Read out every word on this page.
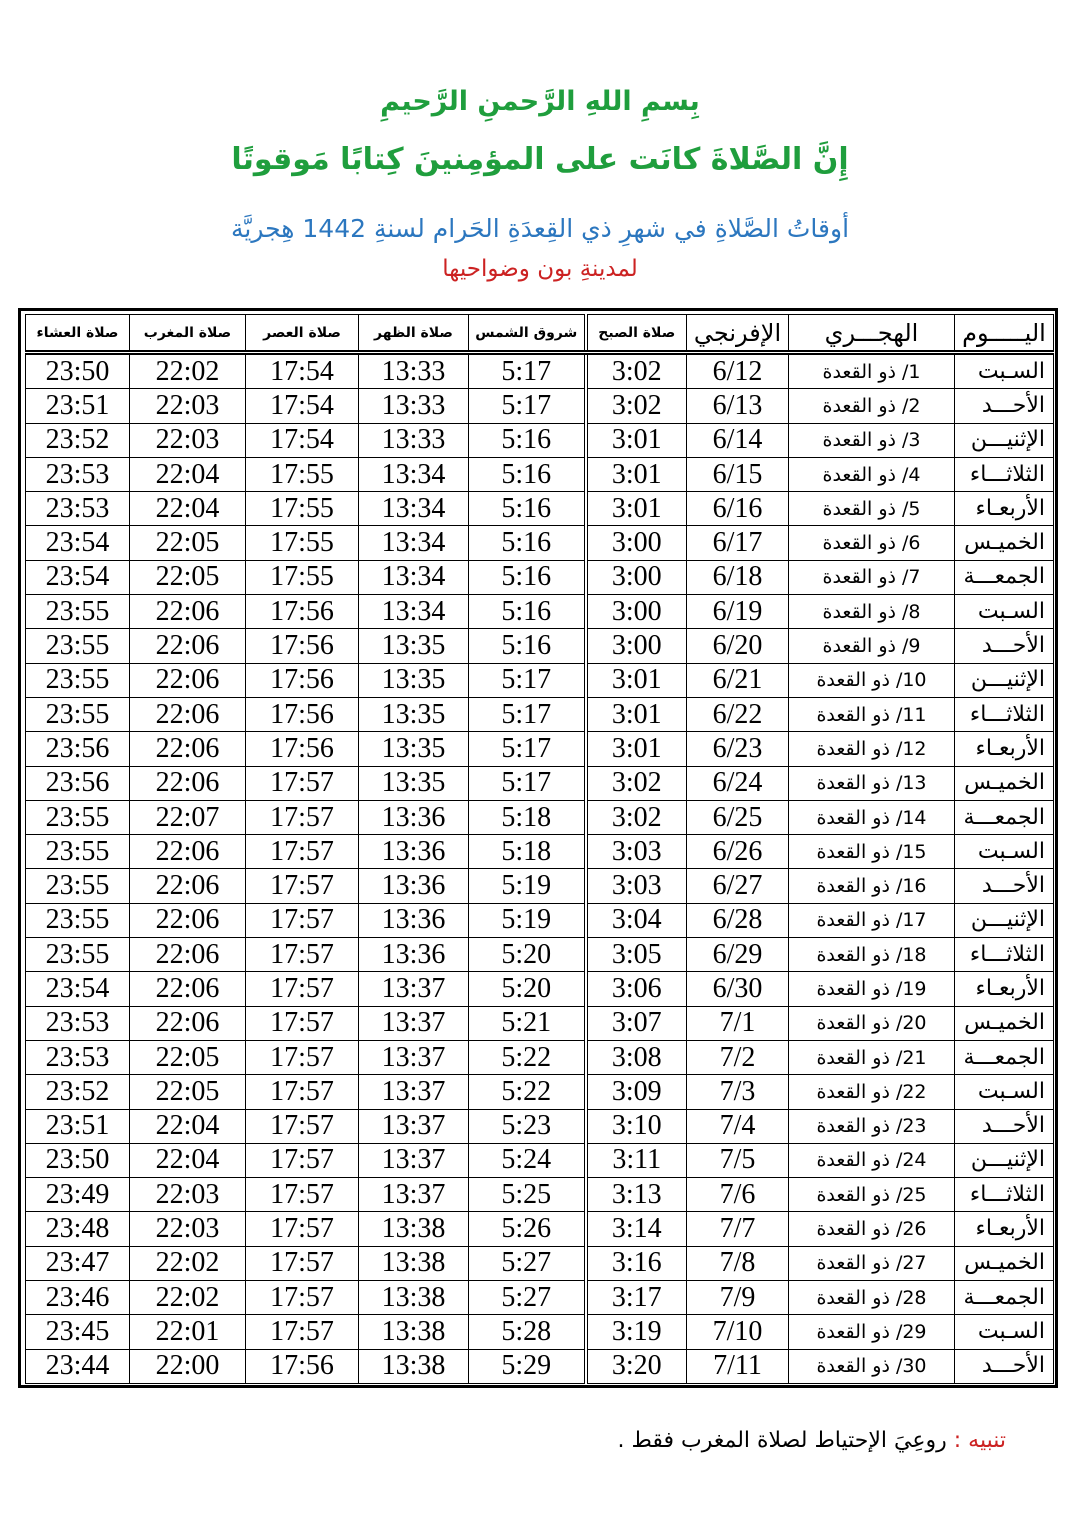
بِسمِ اللهِ الرَّحمنِ الرَّحيمِ
إِنَّ الصَّلاةَ كانَت على المؤمِنينَ كِتابًا مَوقوتًا
أوقاتُ الصَّلاةِ في شهرِ ذي القِعدَةِ الحَرام لسنةِ 1442 هِجريَّة
لمدينةِ بون وضواحيها
صلاة العشاء	صلاة المغرب	صلاة العصر	صلاة الظهر	شروق الشمس	صلاة الصبح	الإفرنجي	الهجـــري	اليـــــوم
23:50	22:02	17:54	13:33	5:17	3:02	6/12	1/ ذو القعدة	السـبت
23:51	22:03	17:54	13:33	5:17	3:02	6/13	2/ ذو القعدة	الأحـــد
23:52	22:03	17:54	13:33	5:16	3:01	6/14	3/ ذو القعدة	الإثنيـــن
23:53	22:04	17:55	13:34	5:16	3:01	6/15	4/ ذو القعدة	الثلاثـــاء
23:53	22:04	17:55	13:34	5:16	3:01	6/16	5/ ذو القعدة	الأربعـاء
23:54	22:05	17:55	13:34	5:16	3:00	6/17	6/ ذو القعدة	الخميـس
23:54	22:05	17:55	13:34	5:16	3:00	6/18	7/ ذو القعدة	الجمعـــة
23:55	22:06	17:56	13:34	5:16	3:00	6/19	8/ ذو القعدة	السـبت
23:55	22:06	17:56	13:35	5:16	3:00	6/20	9/ ذو القعدة	الأحـــد
23:55	22:06	17:56	13:35	5:17	3:01	6/21	10/ ذو القعدة	الإثنيـــن
23:55	22:06	17:56	13:35	5:17	3:01	6/22	11/ ذو القعدة	الثلاثـــاء
23:56	22:06	17:56	13:35	5:17	3:01	6/23	12/ ذو القعدة	الأربعـاء
23:56	22:06	17:57	13:35	5:17	3:02	6/24	13/ ذو القعدة	الخميـس
23:55	22:07	17:57	13:36	5:18	3:02	6/25	14/ ذو القعدة	الجمعـــة
23:55	22:06	17:57	13:36	5:18	3:03	6/26	15/ ذو القعدة	السـبت
23:55	22:06	17:57	13:36	5:19	3:03	6/27	16/ ذو القعدة	الأحـــد
23:55	22:06	17:57	13:36	5:19	3:04	6/28	17/ ذو القعدة	الإثنيـــن
23:55	22:06	17:57	13:36	5:20	3:05	6/29	18/ ذو القعدة	الثلاثـــاء
23:54	22:06	17:57	13:37	5:20	3:06	6/30	19/ ذو القعدة	الأربعـاء
23:53	22:06	17:57	13:37	5:21	3:07	7/1	20/ ذو القعدة	الخميـس
23:53	22:05	17:57	13:37	5:22	3:08	7/2	21/ ذو القعدة	الجمعـــة
23:52	22:05	17:57	13:37	5:22	3:09	7/3	22/ ذو القعدة	السـبت
23:51	22:04	17:57	13:37	5:23	3:10	7/4	23/ ذو القعدة	الأحـــد
23:50	22:04	17:57	13:37	5:24	3:11	7/5	24/ ذو القعدة	الإثنيـــن
23:49	22:03	17:57	13:37	5:25	3:13	7/6	25/ ذو القعدة	الثلاثـــاء
23:48	22:03	17:57	13:38	5:26	3:14	7/7	26/ ذو القعدة	الأربعـاء
23:47	22:02	17:57	13:38	5:27	3:16	7/8	27/ ذو القعدة	الخميـس
23:46	22:02	17:57	13:38	5:27	3:17	7/9	28/ ذو القعدة	الجمعـــة
23:45	22:01	17:57	13:38	5:28	3:19	7/10	29/ ذو القعدة	السـبت
23:44	22:00	17:56	13:38	5:29	3:20	7/11	30/ ذو القعدة	الأحـــد
تنبيه : روعِيَ الإحتياط لصلاة المغرب فقط .
